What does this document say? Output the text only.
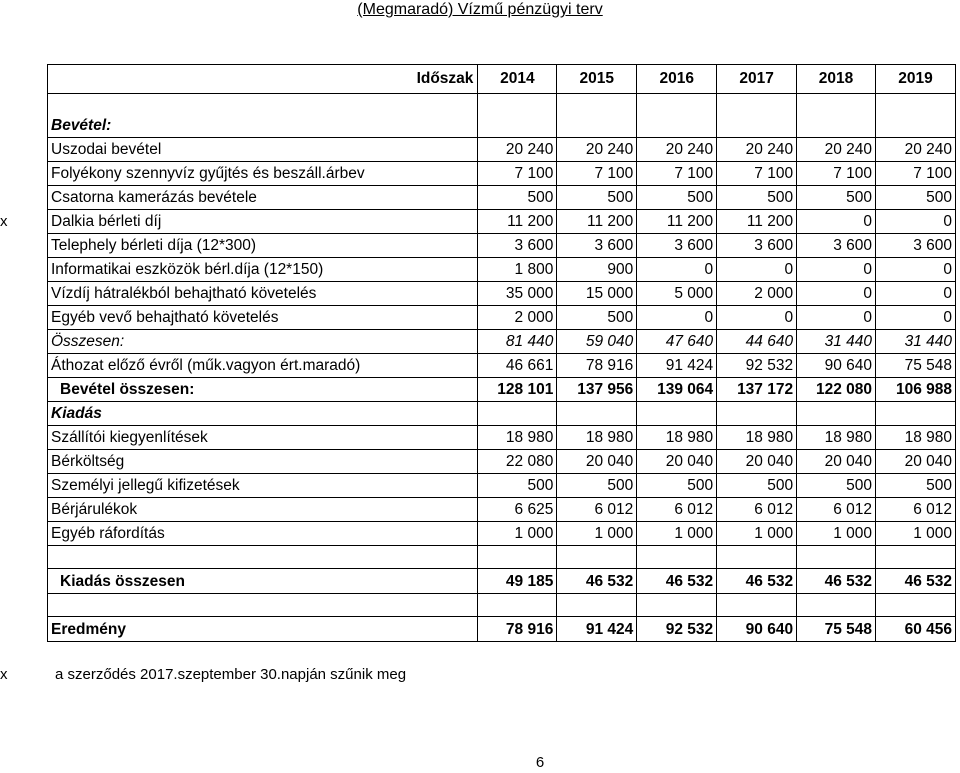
(Megmaradó) Vízmű pénzügyi terv
Időszak	2014	2015	2016	2017	2018	2019

Bevétel:						
Uszodai bevétel	20 240	20 240	20 240	20 240	20 240	20 240
Folyékony szennyvíz gyűjtés és beszáll.árbev	7 100	7 100	7 100	7 100	7 100	7 100
Csatorna kamerázás bevétele	500	500	500	500	500	500
Dalkia bérleti díj	11 200	11 200	11 200	11 200	0	0
Telephely bérleti díja (12*300)	3 600	3 600	3 600	3 600	3 600	3 600
Informatikai eszközök bérl.díja (12*150)	1 800	900	0	0	0	0
Vízdíj hátralékból behajtható követelés	35 000	15 000	5 000	2 000	0	0
Egyéb vevő behajtható követelés	2 000	500	0	0	0	0
Összesen:	81 440	59 040	47 640	44 640	31 440	31 440
Áthozat előző évről (műk.vagyon ért.maradó)	46 661	78 916	91 424	92 532	90 640	75 548
Bevétel összesen:	128 101	137 956	139 064	137 172	122 080	106 988
Kiadás						
Szállítói kiegyenlítések	18 980	18 980	18 980	18 980	18 980	18 980
Bérköltség	22 080	20 040	20 040	20 040	20 040	20 040
Személyi jellegű kifizetések	500	500	500	500	500	500
Bérjárulékok	6 625	6 012	6 012	6 012	6 012	6 012
Egyéb ráfordítás	1 000	1 000	1 000	1 000	1 000	1 000

Kiadás összesen	49 185	46 532	46 532	46 532	46 532	46 532

Eredmény	78 916	91 424	92 532	90 640	75 548	60 456
a szerződés 2017.szeptember 30.napján szűnik meg
x
6
x
